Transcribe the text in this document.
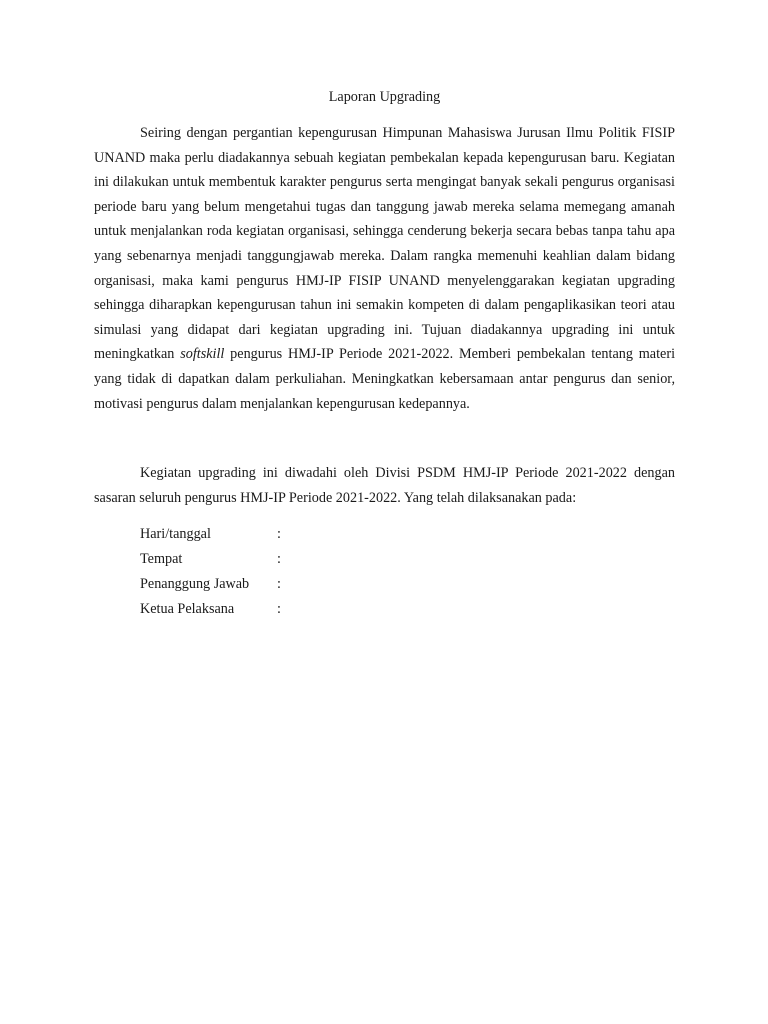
Laporan Upgrading

Seiring dengan pergantian kepengurusan Himpunan Mahasiswa Jurusan Ilmu Politik FISIP UNAND maka perlu diadakannya sebuah kegiatan pembekalan kepada kepengurusan baru. Kegiatan ini dilakukan untuk membentuk karakter pengurus serta mengingat banyak sekali pengurus organisasi periode baru yang belum mengetahui tugas dan tanggung jawab mereka selama memegang amanah untuk menjalankan roda kegiatan organisasi, sehingga cenderung bekerja secara bebas tanpa tahu apa yang sebenarnya menjadi tanggungjawab mereka. Dalam rangka memenuhi keahlian dalam bidang organisasi, maka kami pengurus HMJ-IP FISIP UNAND menyelenggarakan kegiatan upgrading sehingga diharapkan kepengurusan tahun ini semakin kompeten di dalam pengaplikasikan teori atau simulasi yang didapat dari kegiatan upgrading ini. Tujuan diadakannya upgrading ini untuk meningkatkan softskill pengurus HMJ-IP Periode 2021-2022. Memberi pembekalan tentang materi yang tidak di dapatkan dalam perkuliahan. Meningkatkan kebersamaan antar pengurus dan senior, motivasi pengurus dalam menjalankan kepengurusan kedepannya.

Kegiatan upgrading ini diwadahi oleh Divisi PSDM HMJ-IP Periode 2021-2022 dengan sasaran seluruh pengurus HMJ-IP Periode 2021-2022. Yang telah dilaksanakan pada:

Hari/tanggal	:
Tempat	:
Penanggung Jawab	:
Ketua Pelaksana	:
